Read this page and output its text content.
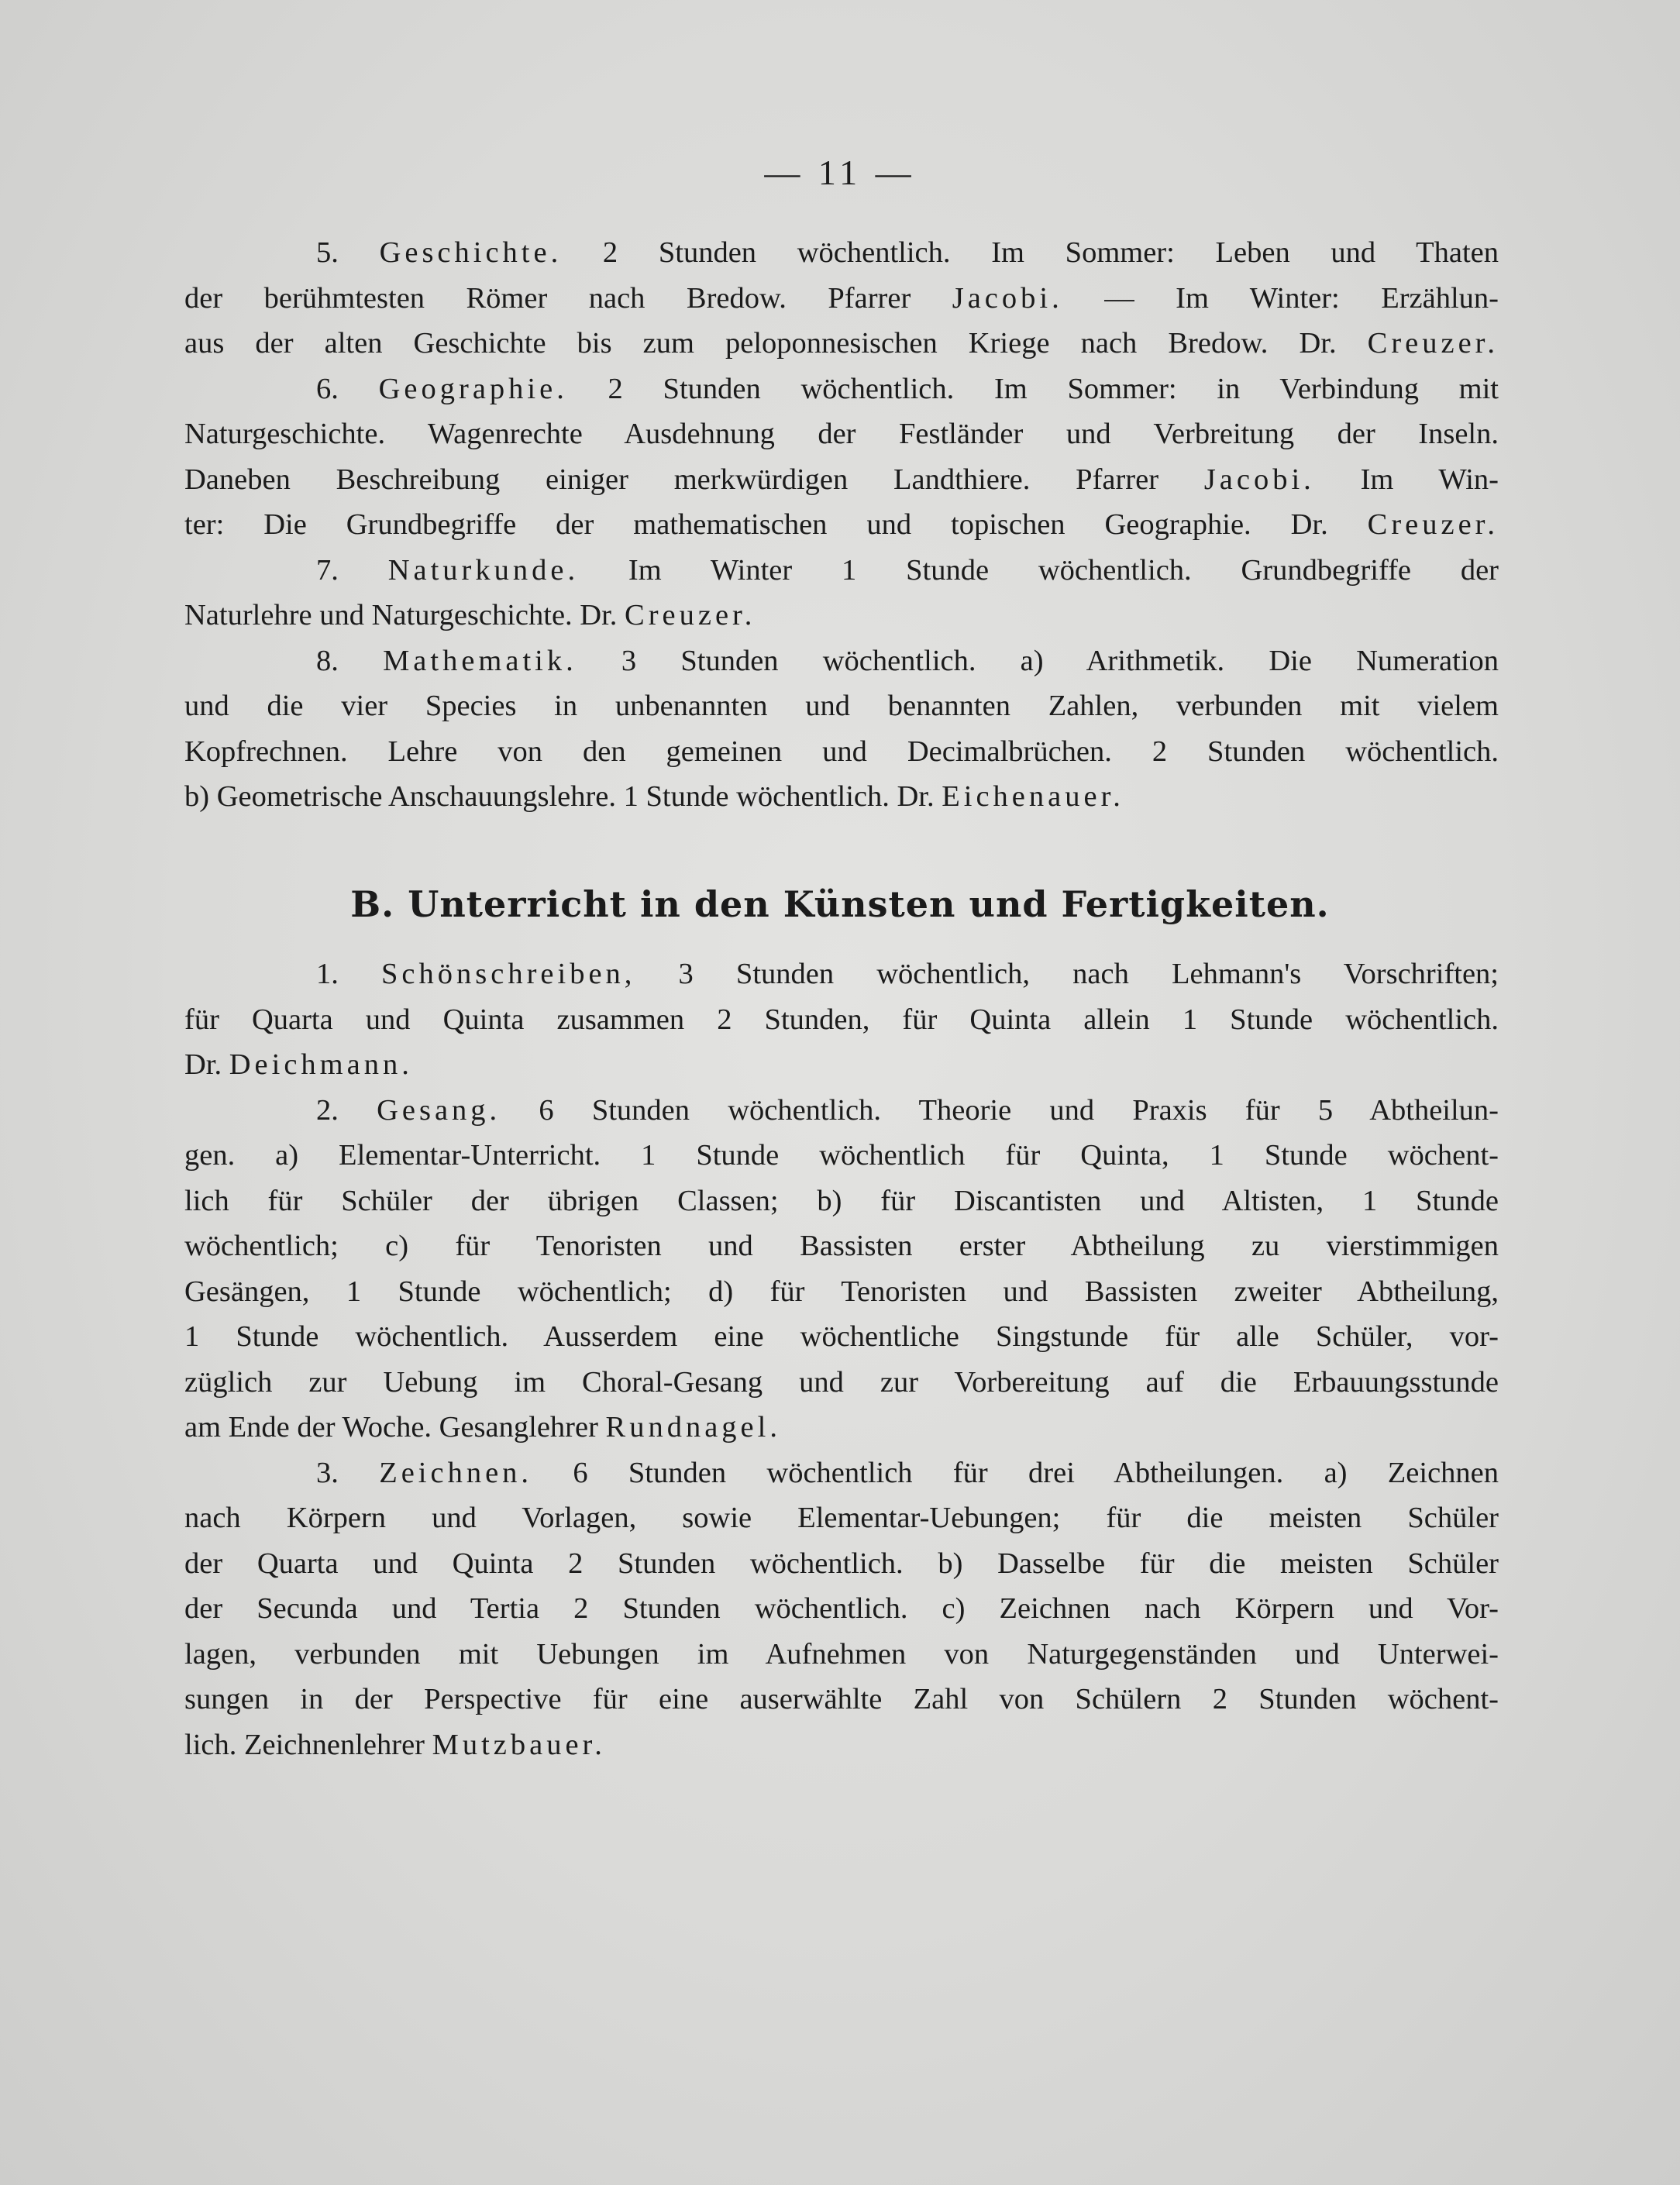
— 11 —
5. Geschichte. 2 Stunden wöchentlich. Im Sommer: Leben und Thaten
der berühmtesten Römer nach Bredow. Pfarrer Jacobi. — Im Winter: Erzählun-
aus der alten Geschichte bis zum peloponnesischen Kriege nach Bredow. Dr. Creuzer.
6. Geographie. 2 Stunden wöchentlich. Im Sommer: in Verbindung mit
Naturgeschichte. Wagenrechte Ausdehnung der Festländer und Verbreitung der Inseln.
Daneben Beschreibung einiger merkwürdigen Landthiere. Pfarrer Jacobi. Im Win-
ter: Die Grundbegriffe der mathematischen und topischen Geographie. Dr. Creuzer.
7. Naturkunde. Im Winter 1 Stunde wöchentlich. Grundbegriffe der
Naturlehre und Naturgeschichte. Dr. Creuzer.
8. Mathematik. 3 Stunden wöchentlich. a) Arithmetik. Die Numeration
und die vier Species in unbenannten und benannten Zahlen, verbunden mit vielem
Kopfrechnen. Lehre von den gemeinen und Decimalbrüchen. 2 Stunden wöchentlich.
b) Geometrische Anschauungslehre. 1 Stunde wöchentlich. Dr. Eichenauer.
B. Unterricht in den Künsten und Fertigkeiten.
1. Schönschreiben, 3 Stunden wöchentlich, nach Lehmann's Vorschriften;
für Quarta und Quinta zusammen 2 Stunden, für Quinta allein 1 Stunde wöchentlich.
Dr. Deichmann.
2. Gesang. 6 Stunden wöchentlich. Theorie und Praxis für 5 Abtheilun-
gen. a) Elementar-Unterricht. 1 Stunde wöchentlich für Quinta, 1 Stunde wöchent-
lich für Schüler der übrigen Classen; b) für Discantisten und Altisten, 1 Stunde
wöchentlich; c) für Tenoristen und Bassisten erster Abtheilung zu vierstimmigen
Gesängen, 1 Stunde wöchentlich; d) für Tenoristen und Bassisten zweiter Abtheilung,
1 Stunde wöchentlich. Ausserdem eine wöchentliche Singstunde für alle Schüler, vor-
züglich zur Uebung im Choral-Gesang und zur Vorbereitung auf die Erbauungsstunde
am Ende der Woche. Gesanglehrer Rundnagel.
3. Zeichnen. 6 Stunden wöchentlich für drei Abtheilungen. a) Zeichnen
nach Körpern und Vorlagen, sowie Elementar-Uebungen; für die meisten Schüler
der Quarta und Quinta 2 Stunden wöchentlich. b) Dasselbe für die meisten Schüler
der Secunda und Tertia 2 Stunden wöchentlich. c) Zeichnen nach Körpern und Vor-
lagen, verbunden mit Uebungen im Aufnehmen von Naturgegenständen und Unterwei-
sungen in der Perspective für eine auserwählte Zahl von Schülern 2 Stunden wöchent-
lich. Zeichnenlehrer Mutzbauer.
